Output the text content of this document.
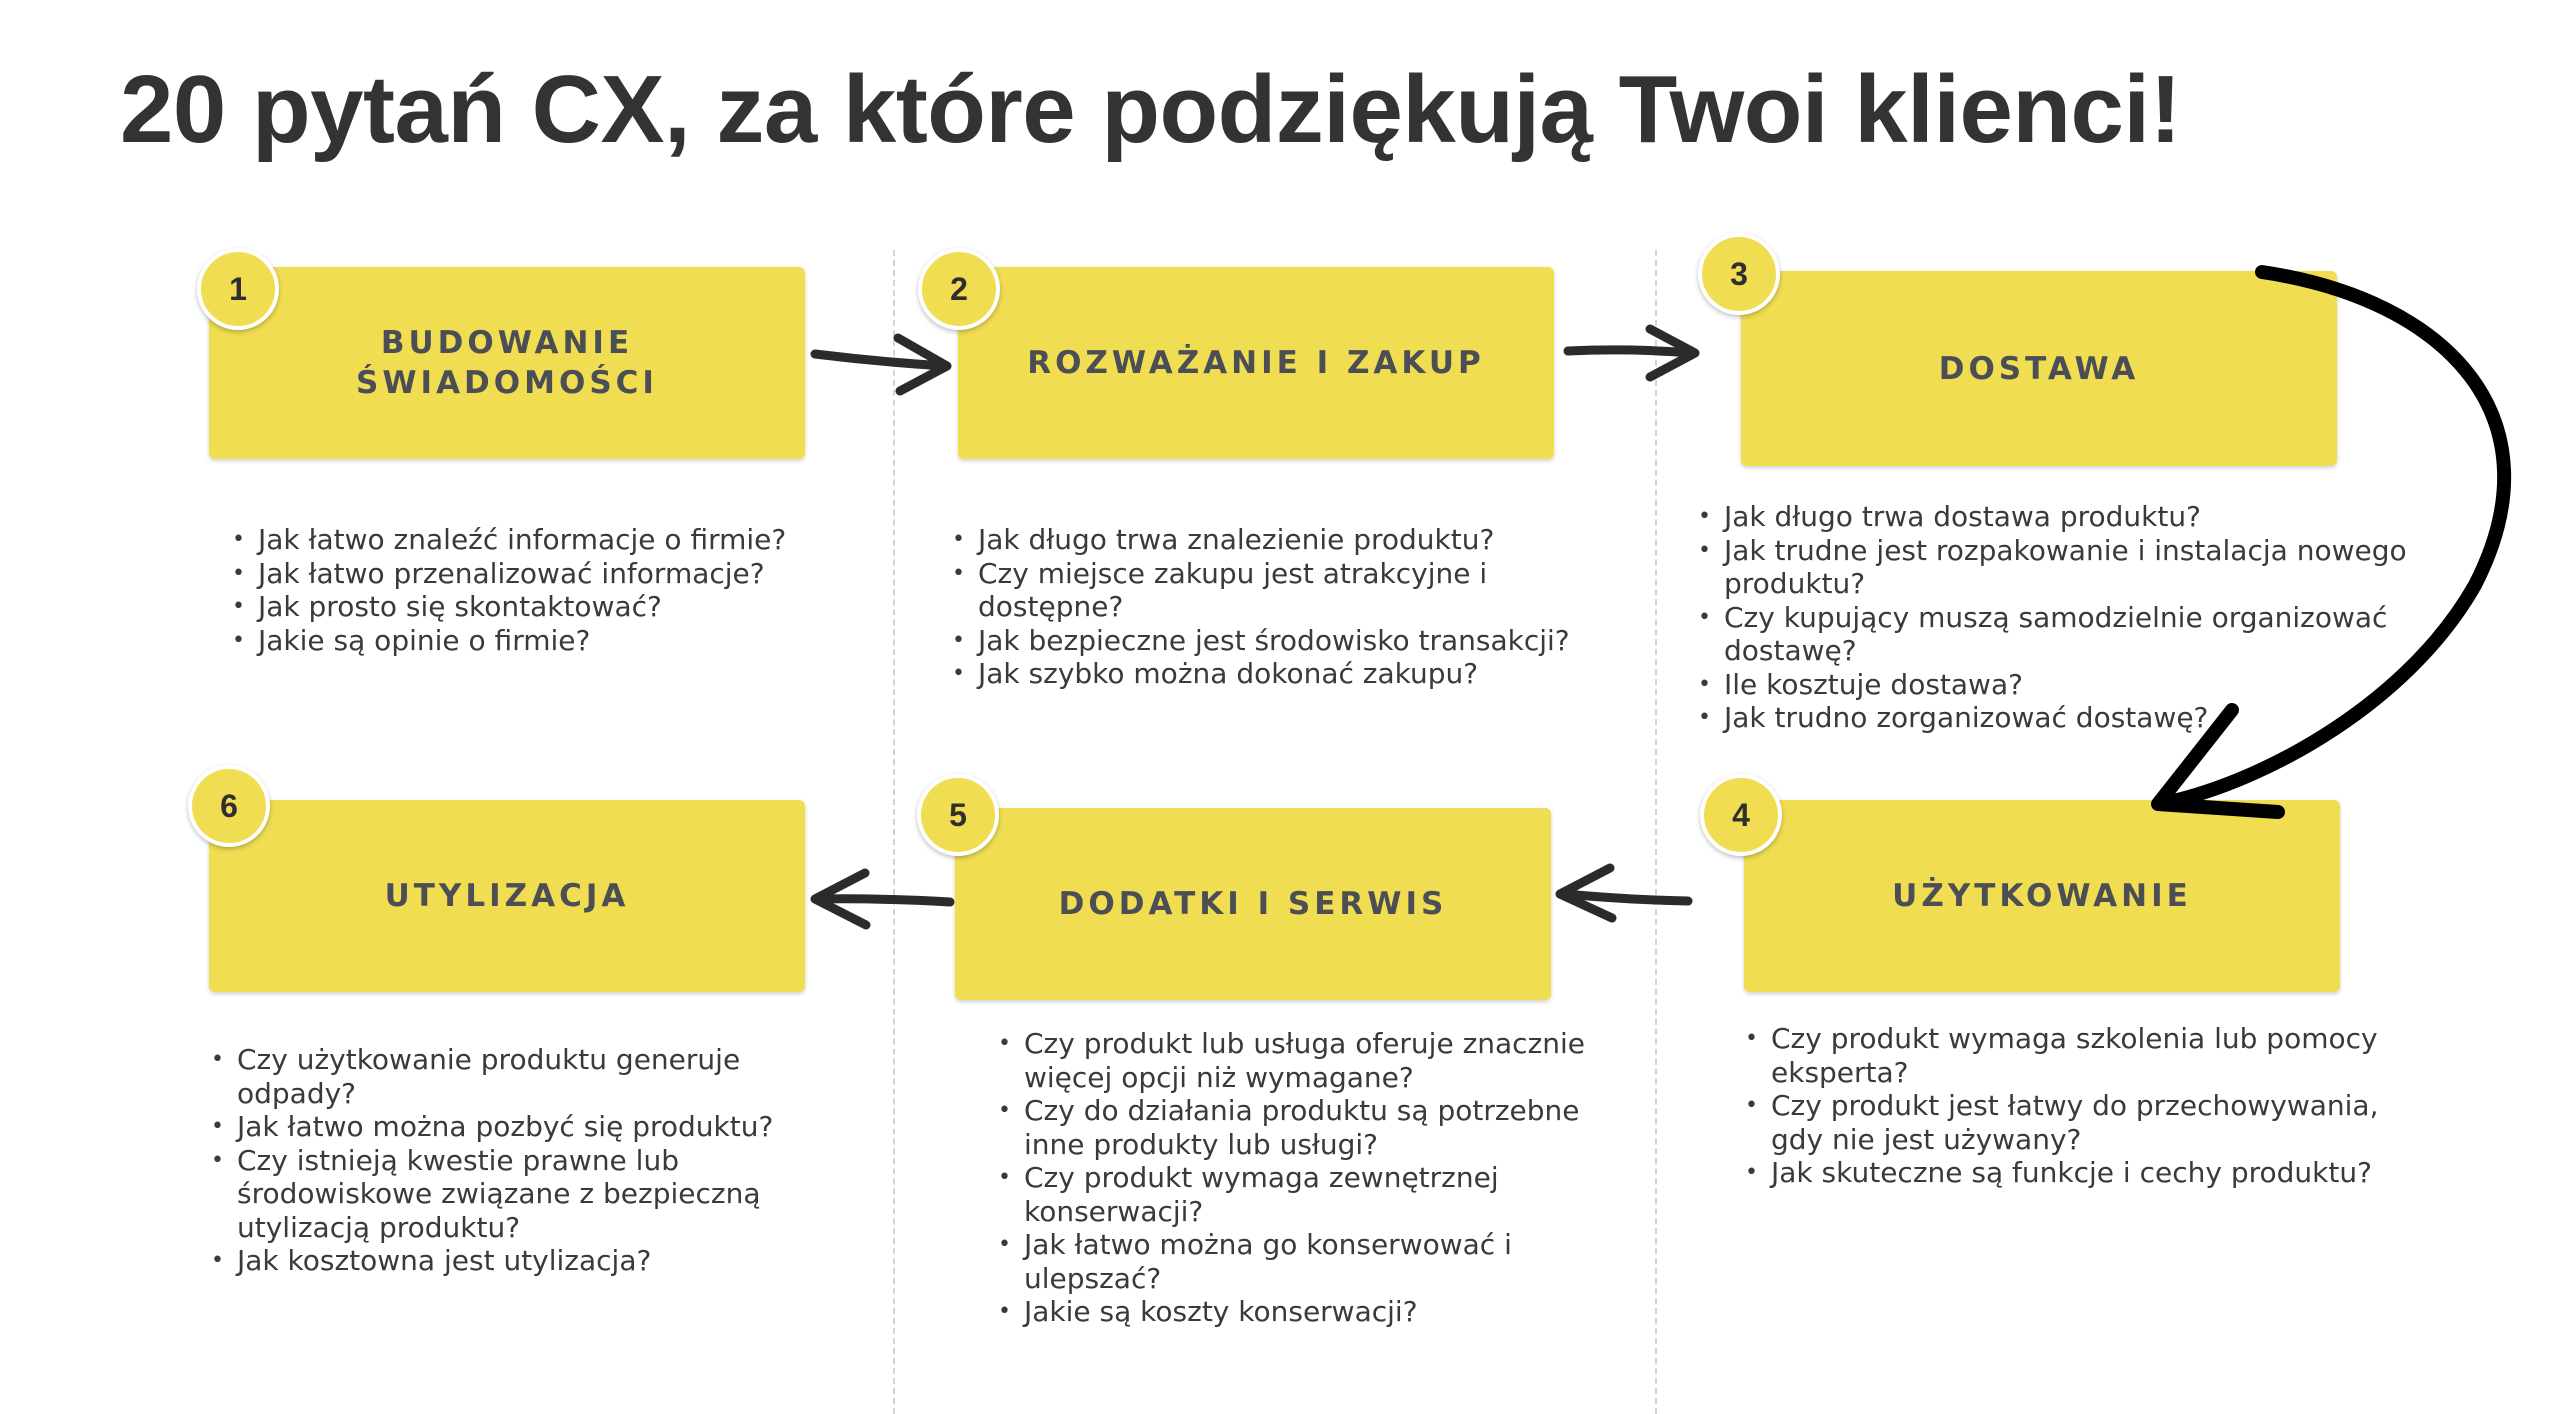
20 pytań CX, za które podziękują Twoi klienci!
BUDOWANIE
ŚWIADOMOŚCI
1
• Jak łatwo znaleźć informacje o firmie?
• Jak łatwo przenalizować informacje?
• Jak prosto się skontaktować?
• Jakie są opinie o firmie?
ROZWAŻANIE I ZAKUP
2
• Jak długo trwa znalezienie produktu?
• Czy miejsce zakupu jest atrakcyjne i dostępne?
• Jak bezpieczne jest środowisko transakcji?
• Jak szybko można dokonać zakupu?
DOSTAWA
3
• Jak długo trwa dostawa produktu?
• Jak trudne jest rozpakowanie i instalacja nowego produktu?
• Czy kupujący muszą samodzielnie organizować dostawę?
• Ile kosztuje dostawa?
• Jak trudno zorganizować dostawę?
UŻYTKOWANIE
4
• Czy produkt wymaga szkolenia lub pomocy eksperta?
• Czy produkt jest łatwy do przechowywania, gdy nie jest używany?
• Jak skuteczne są funkcje i cechy produktu?
DODATKI I SERWIS
5
• Czy produkt lub usługa oferuje znacznie więcej opcji niż wymagane?
• Czy do działania produktu są potrzebne inne produkty lub usługi?
• Czy produkt wymaga zewnętrznej konserwacji?
• Jak łatwo można go konserwować i ulepszać?
• Jakie są koszty konserwacji?
UTYLIZACJA
6
• Czy użytkowanie produktu generuje odpady?
• Jak łatwo można pozbyć się produktu?
• Czy istnieją kwestie prawne lub środowiskowe związane z bezpieczną utylizacją produktu?
• Jak kosztowna jest utylizacja?
